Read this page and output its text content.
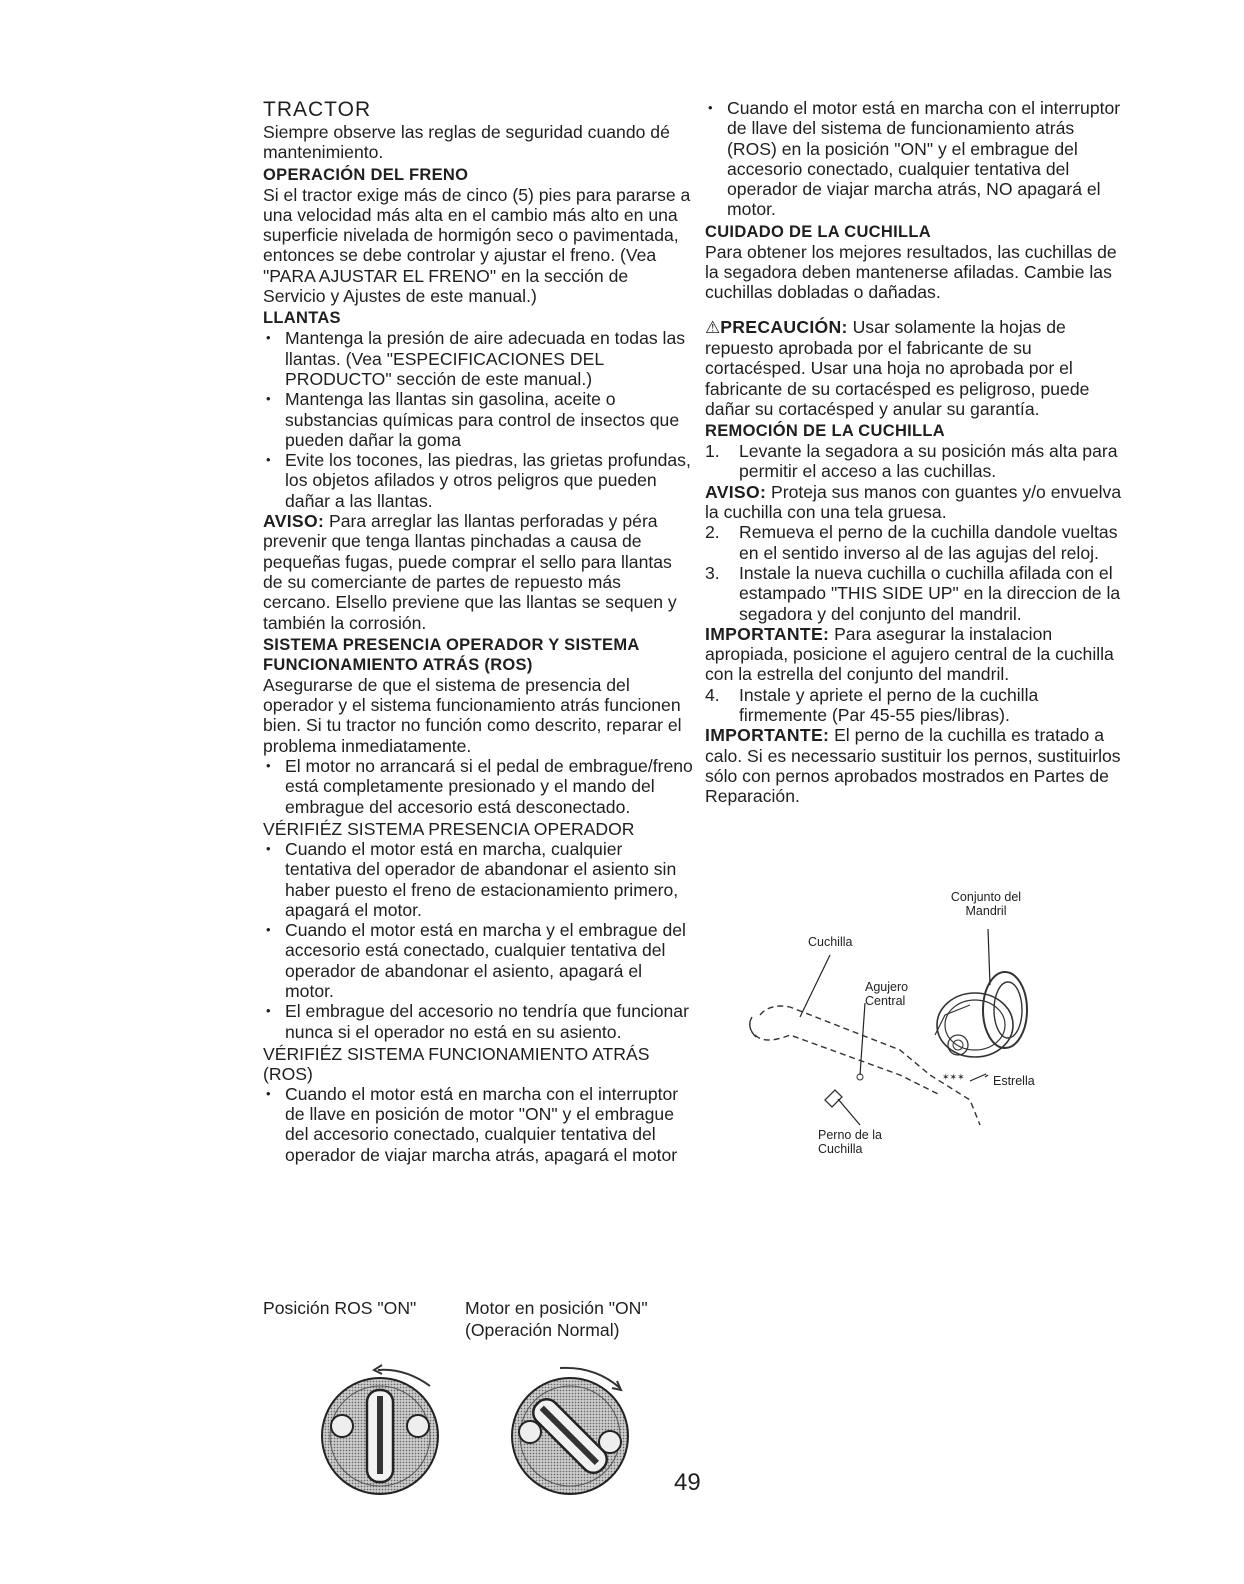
TRACTOR

Siempre observe las reglas de seguridad cuando dé mantenimiento.

OPERACIÓN DEL FRENO

Si el tractor exige más de cinco (5) pies para pararse a una velocidad más alta en el cambio más alto en una superficie nivelada de hormigón seco o pavimentada, entonces se debe controlar y ajustar el freno. (Vea "PARA AJUSTAR EL FRENO" en la sección de Servicio y Ajustes de este manual.)

LLANTAS
• Mantenga la presión de aire adecuada en todas las llantas. (Vea "ESPECIFICACIONES DEL PRODUCTO" sección de este manual.)
• Mantenga las llantas sin gasolina, aceite o substancias químicas para control de insectos que pueden dañar la goma
• Evite los tocones, las piedras, las grietas profundas, los objetos afilados y otros peligros que pueden dañar a las llantas.

AVISO: Para arreglar las llantas perforadas y péra prevenir que tenga llantas pinchadas a causa de pequeñas fugas, puede comprar el sello para llantas de su comerciante de partes de repuesto más cercano. Elsello previene que las llantas se sequen y también la corrosión.

SISTEMA PRESENCIA OPERADOR Y SISTEMA FUNCIONAMIENTO ATRÁS (ROS)

Asegurarse de que el sistema de presencia del operador y el sistema funcionamiento atrás funcionen bien. Si tu tractor no función como descrito, reparar el problema inmediatamente.

• El motor no arrancará si el pedal de embrague/freno está completamente presionado y el mando del embrague del accesorio está desconectado.
VÉRIFIÉZ SISTEMA PRESENCIA OPERADOR
• Cuando el motor está en marcha, cualquier tentativa del operador de abandonar el asiento sin haber puesto el freno de estacionamiento primero, apagará el motor.
• Cuando el motor está en marcha y el embrague del accesorio está conectado, cualquier tentativa del operador de abandonar el asiento, apagará el motor.
• El embrague del accesorio no tendría que funcionar nunca si el operador no está en su asiento.
VÉRIFIÉZ SISTEMA FUNCIONAMIENTO ATRÁS (ROS)
• Cuando el motor está en marcha con el interruptor de llave en posición de motor "ON" y el embrague del accesorio conectado, cualquier tentativa del operador de viajar marcha atrás, apagará el motor
Posición ROS "ON"	Motor en posición "ON" (Operación Normal)
• Cuando el motor está en marcha con el interruptor de llave del sistema de funcionamiento atrás (ROS) en la posición "ON" y el embrague del accesorio conectado, cualquier tentativa del operador de viajar marcha atrás, NO apagará el motor.
CUIDADO DE LA CUCHILLA

Para obtener los mejores resultados, las cuchillas de la segadora deben mantenerse afiladas. Cambie las cuchillas dobladas o dañadas.

⚠PRECAUCIÓN: Usar solamente la hojas de repuesto aprobada por el fabricante de su cortacésped. Usar una hoja no aprobada por el fabricante de su cortacésped es peligroso, puede dañar su cortacésped y anular su garantía.

REMOCIÓN DE LA CUCHILLA
1. Levante la segadora a su posición más alta para permitir el acceso a las cuchillas.

AVISO: Proteja sus manos con guantes y/o envuelva la cuchilla con una tela gruesa.

2. Remueva el perno de la cuchilla dandole vueltas en el sentido inverso al de las agujas del reloj.
3. Instale la nueva cuchilla o cuchilla afilada con el estampado "THIS SIDE UP" en la direccion de la segadora y del conjunto del mandril.

IMPORTANTE: Para asegurar la instalacion apropiada, posicione el agujero central de la cuchilla con la estrella del conjunto del mandril.

4. Instale y apriete el perno de la cuchilla firmemente (Par 45-55 pies/libras).

IMPORTANTE: El perno de la cuchilla es tratado a calo. Si es necessario sustituir los pernos, sustituirlos sólo con pernos aprobados mostrados en Partes de Reparación.

✶✶✶
Conjunto del Mandril
Cuchilla
Agujero Central
Estrella
Perno de la Cuchilla
49
